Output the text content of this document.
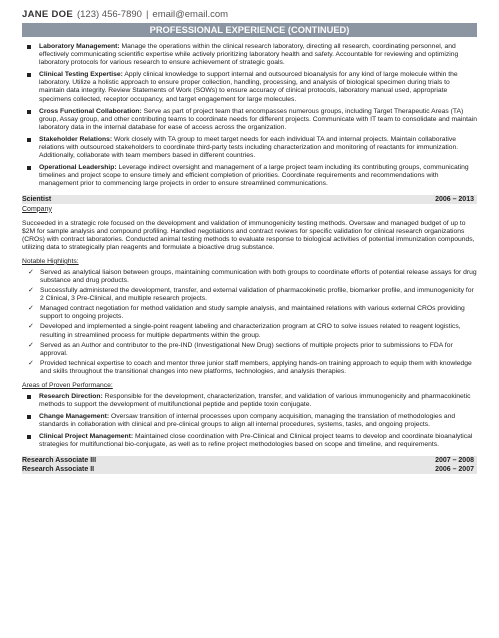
JANE DOE (123) 456-7890 | email@email.com
PROFESSIONAL EXPERIENCE (CONTINUED)
Laboratory Management: Manage the operations within the clinical research laboratory, directing all research, coordinating personnel, and effectively communicating scientific expertise while actively prioritizing laboratory health and safety. Accountable for reviewing and optimizing laboratory protocols for various research to ensure achievement of strategic goals.
Clinical Testing Expertise: Apply clinical knowledge to support internal and outsourced bioanalysis for any kind of large molecule within the laboratory. Utilize a holistic approach to ensure proper collection, handling, processing, and analysis of biological specimen during trials to maintain data integrity. Review Statements of Work (SOWs) to ensure accuracy of clinical protocols, laboratory manual used, appropriate specimens collected, receptor occupancy, and target engagement for large molecules.
Cross Functional Collaboration: Serve as part of project team that encompasses numerous groups, including Target Therapeutic Areas (TA) group, Assay group, and other contributing teams to coordinate needs for different projects. Communicate with IT team to consolidate and maintain laboratory data in the internal database for ease of access across the organization.
Stakeholder Relations: Work closely with TA group to meet target needs for each individual TA and internal projects. Maintain collaborative relations with outsourced stakeholders to coordinate third-party tests including characterization and monitoring of reactants for immunization. Additionally, collaborate with team members based in different countries.
Operational Leadership: Leverage indirect oversight and management of a large project team including its contributing groups, communicating timelines and project scope to ensure timely and efficient completion of priorities. Coordinate requirements and recommendations with management prior to commencing large projects in order to ensure streamlined communications.
Scientist	2006 – 2013
Company
Succeeded in a strategic role focused on the development and validation of immunogenicity testing methods. Oversaw and managed budget of up to $2M for sample analysis and compound profiling. Handled negotiations and contract reviews for specific validation for clinical research organizations (CROs) with contract laboratories. Conducted animal testing methods to evaluate response to biological activities of potential immunization compounds, utilizing data to strategically plan reagents and formulate a bioactive drug substance.
Notable Highlights:
✓ Served as analytical liaison between groups, maintaining communication with both groups to coordinate efforts of potential release assays for drug substance and drug products.
✓ Successfully administered the development, transfer, and external validation of pharmacokinetic profile, biomarker profile, and immunogenicity for 2 Clinical, 3 Pre-Clinical, and multiple research projects.
✓ Managed contract negotiation for method validation and study sample analysis, and maintained relations with various external CROs providing support to ongoing projects.
✓ Developed and implemented a single-point reagent labeling and characterization program at CRO to solve issues related to reagent logistics, resulting in streamlined process for multiple departments within the group.
✓ Served as an Author and contributor to the pre-IND (Investigational New Drug) sections of multiple projects prior to submissions to FDA for approval.
✓ Provided technical expertise to coach and mentor three junior staff members, applying hands-on training approach to equip them with knowledge and skills throughout the transitional changes into new platforms, technologies, and analysis therapies.
Areas of Proven Performance:
Research Direction: Responsible for the development, characterization, transfer, and validation of various immunogenicity and pharmacokinetic methods to support the development of multifunctional peptide and peptide toxin conjugate.
Change Management: Oversaw transition of internal processes upon company acquisition, managing the translation of methodologies and standards in collaboration with clinical and pre-clinical groups to align all internal procedures, systems, tasks, and ongoing projects.
Clinical Project Management: Maintained close coordination with Pre-Clinical and Clinical project teams to develop and coordinate bioanalytical strategies for multifunctional bio-conjugate, as well as to refine project methodologies based on scope and timeline, and requirements.
Research Associate III	2007 – 2008
Research Associate II	2006 – 2007
